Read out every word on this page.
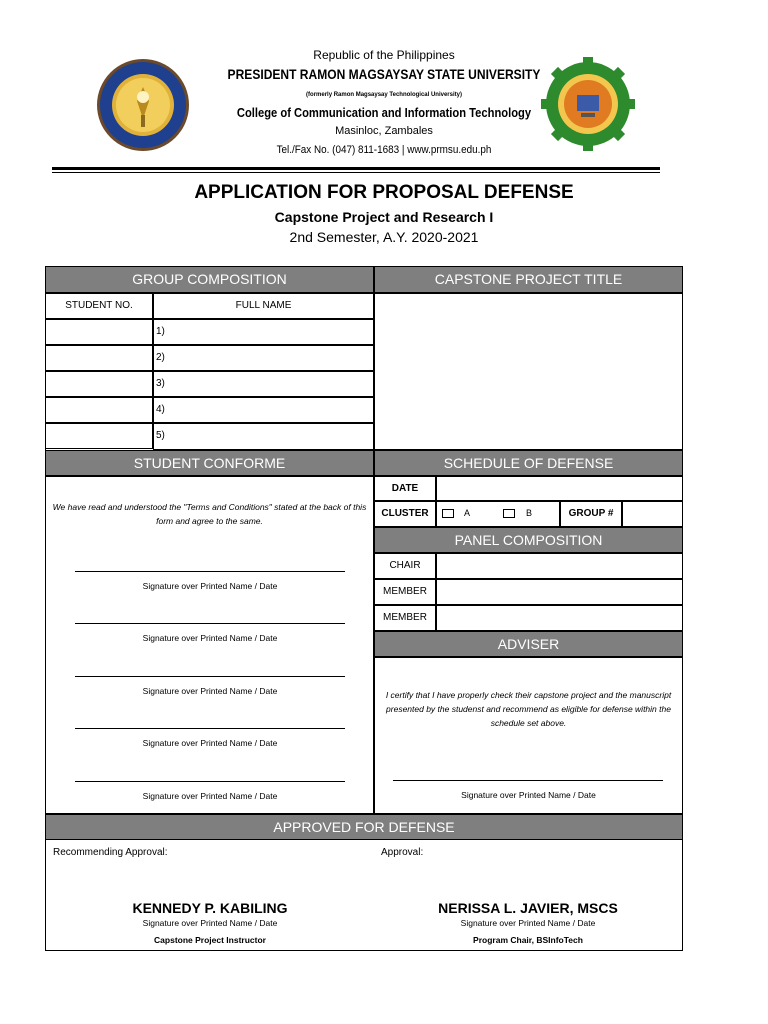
Republic of the Philippines
PRESIDENT RAMON MAGSAYSAY STATE UNIVERSITY
(formerly Ramon Magsaysay Technological University)
College of Communication and Information Technology
Masinloc, Zambales
Tel./Fax No. (047) 811-1683 | www.prmsu.edu.ph
APPLICATION FOR PROPOSAL DEFENSE
Capstone Project and Research I
2nd Semester, A.Y. 2020-2021
GROUP COMPOSITION	CAPSTONE PROJECT TITLE
STUDENT NO.	FULL NAME
1)
2)
3)
4)
5)
STUDENT CONFORME
We have read and understood the "Terms and Conditions" stated at the back of this form and agree to the same.
Signature over Printed Name / Date
Signature over Printed Name / Date
Signature over Printed Name / Date
Signature over Printed Name / Date
Signature over Printed Name / Date
SCHEDULE OF DEFENSE
DATE
CLUSTER	A	B	GROUP #
PANEL COMPOSITION
CHAIR
MEMBER
MEMBER
ADVISER
I certify that I have properly check their capstone project and the manuscript presented by the studenst and recommend as eligible for defense within the schedule set above.
Signature over Printed Name / Date
APPROVED FOR DEFENSE
Recommending Approval:	Approval:
KENNEDY P. KABILING
Signature over Printed Name / Date
Capstone Project Instructor
NERISSA L. JAVIER, MSCS
Signature over Printed Name / Date
Program Chair, BSInfoTech
